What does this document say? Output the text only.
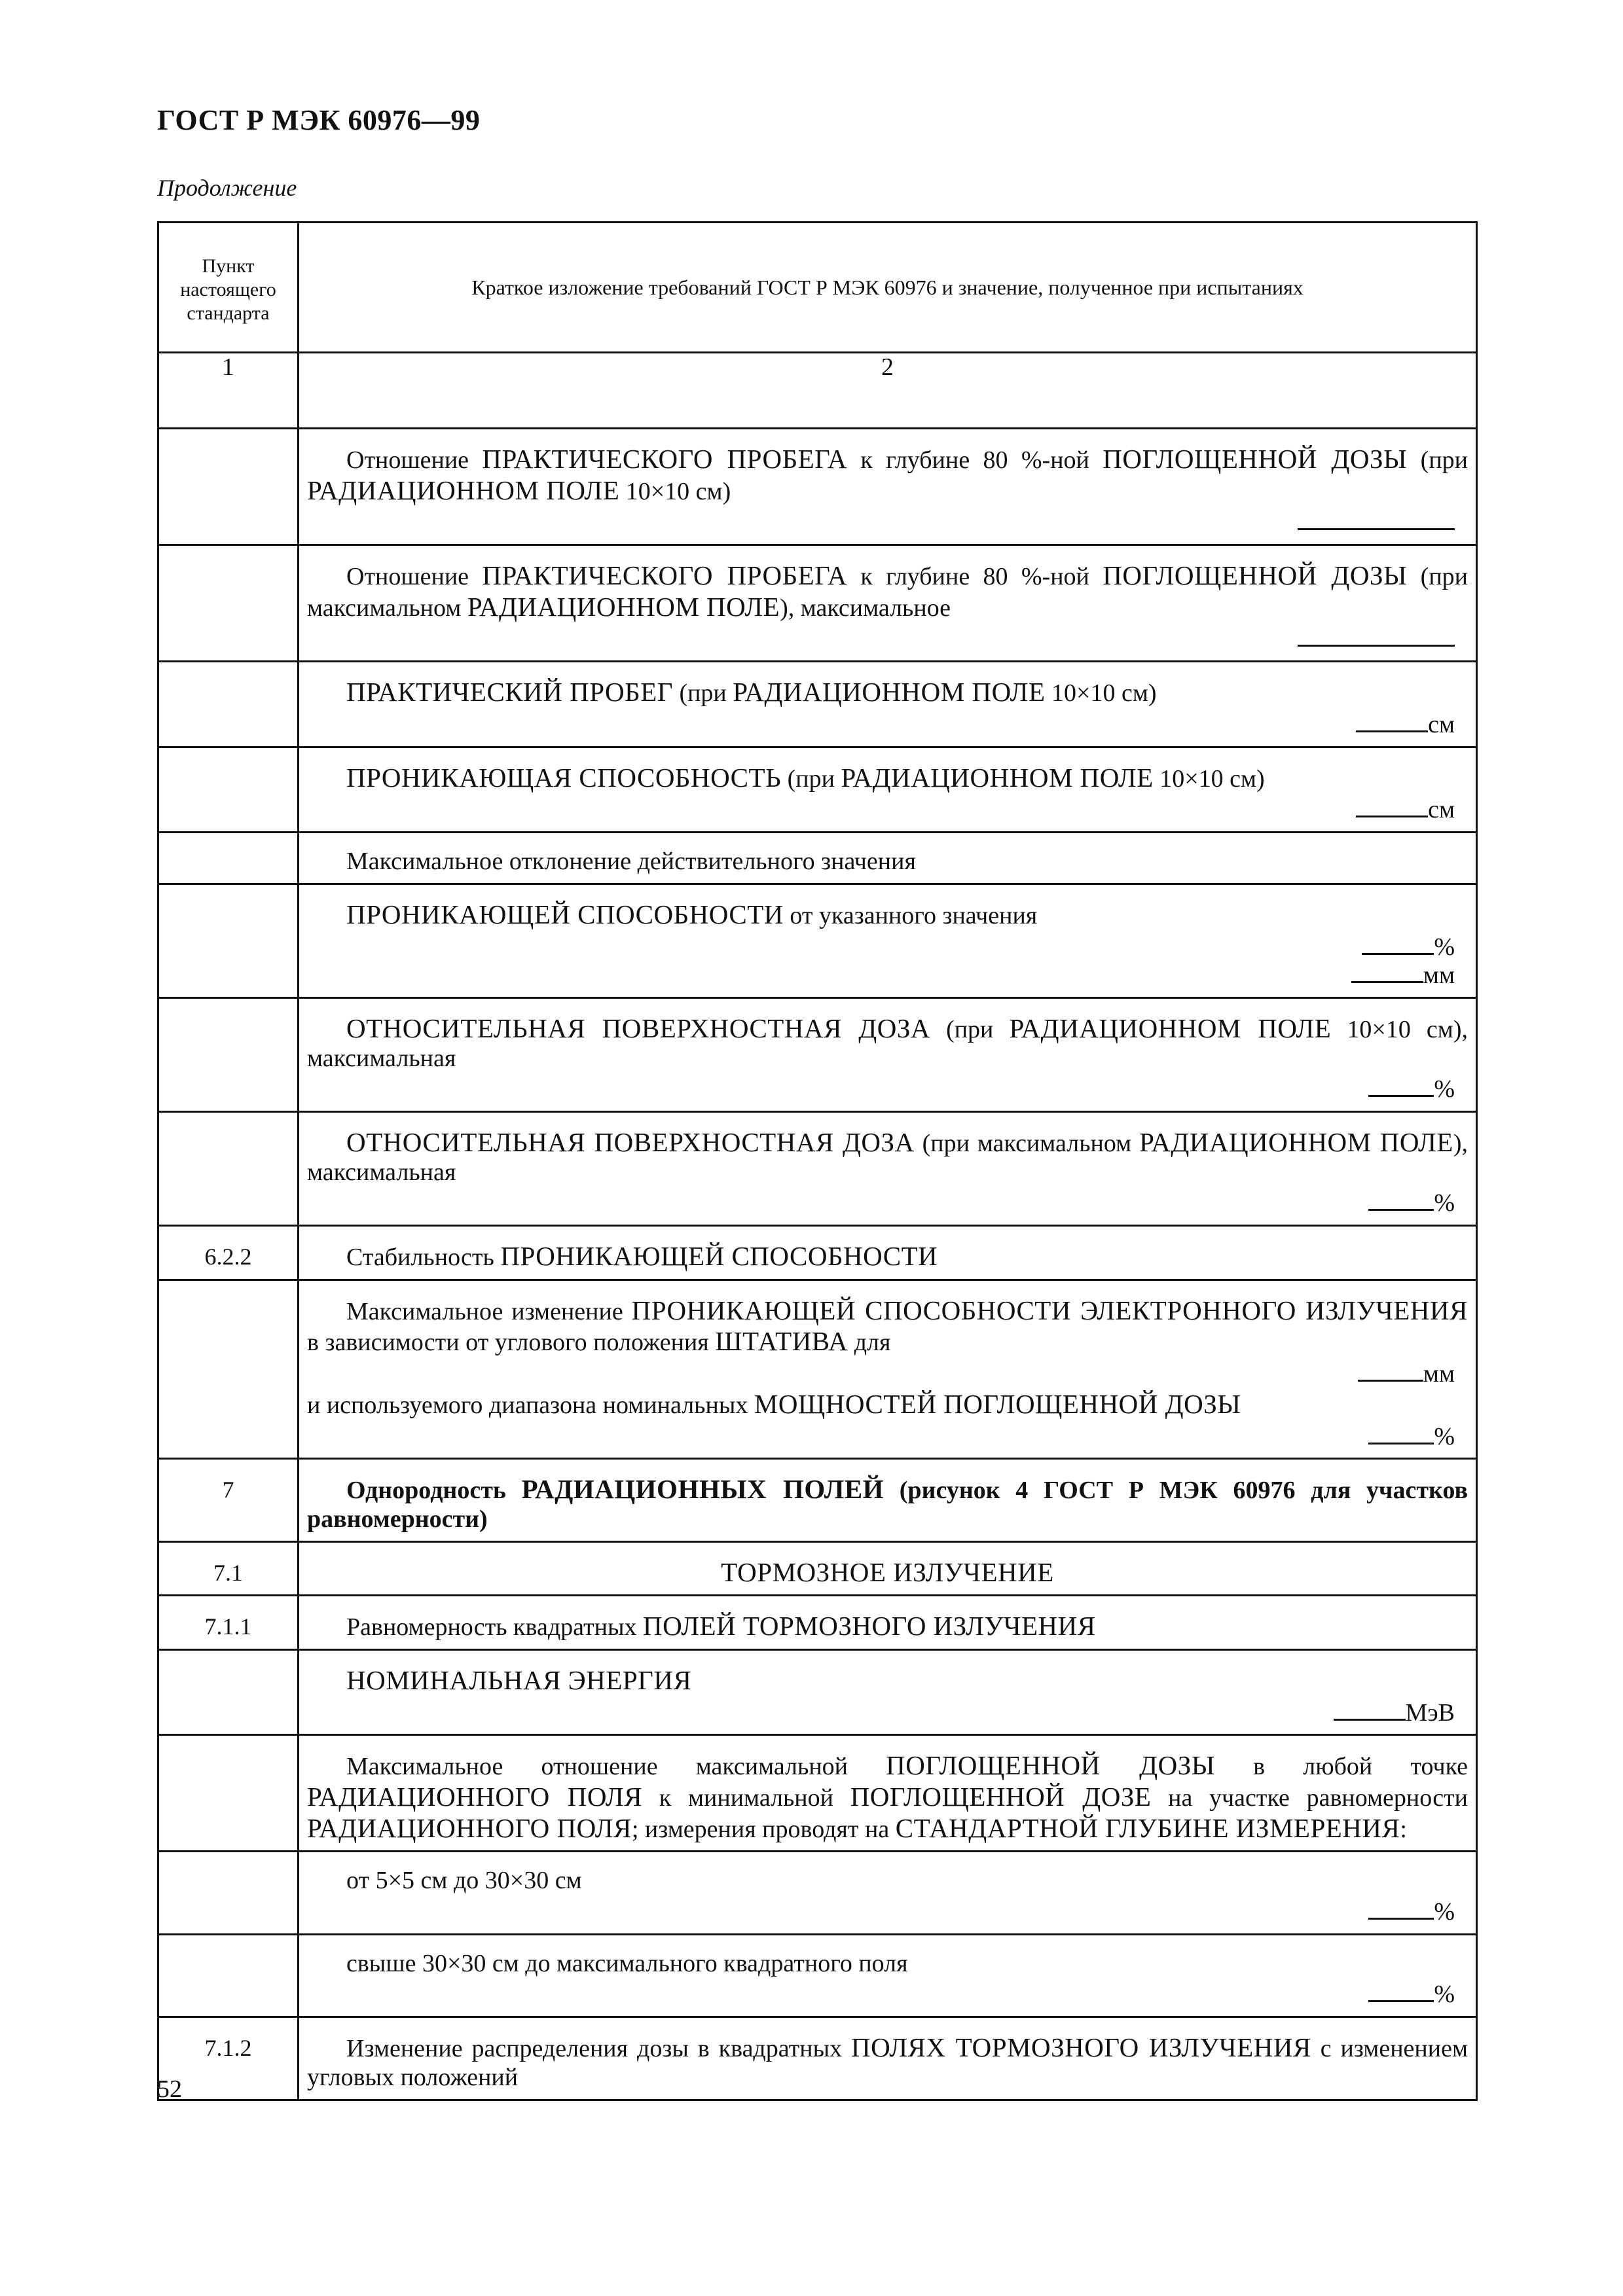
ГОСТ Р МЭК 60976—99
Продолжение
Пункт настоящего стандарта	Краткое изложение требований ГОСТ Р МЭК 60976 и значение, полученное при испытаниях
1	2

	Отношение ПРАКТИЧЕСКОГО ПРОБЕГА к глубине 80 %-ной ПОГЛОЩЕННОЙ ДОЗЫ (при РАДИАЦИОННОМ ПОЛЕ 10×10 см)

	Отношение ПРАКТИЧЕСКОГО ПРОБЕГА к глубине 80 %-ной ПОГЛОЩЕННОЙ ДОЗЫ (при максимальном РАДИАЦИОННОМ ПОЛЕ), максимальное

	ПРАКТИЧЕСКИЙ ПРОБЕГ (при РАДИАЦИОННОМ ПОЛЕ 10×10 см)

см

	ПРОНИКАЮЩАЯ СПОСОБНОСТЬ (при РАДИАЦИОННОМ ПОЛЕ 10×10 см)

см

	Максимальное отклонение действительного значения

	ПРОНИКАЮЩЕЙ СПОСОБНОСТИ от указанного значения

%
мм

	ОТНОСИТЕЛЬНАЯ ПОВЕРХНОСТНАЯ ДОЗА (при РАДИАЦИОННОМ ПОЛЕ 10×10 см), максимальная

%

	ОТНОСИТЕЛЬНАЯ ПОВЕРХНОСТНАЯ ДОЗА (при максимальном РАДИАЦИОННОМ ПОЛЕ), максимальная

%

6.2.2	Стабильность ПРОНИКАЮЩЕЙ СПОСОБНОСТИ

	Максимальное изменение ПРОНИКАЮЩЕЙ СПОСОБНОСТИ ЭЛЕКТРОННОГО ИЗЛУЧЕНИЯ в зависимости от углового положения ШТАТИВА для

мм

и используемого диапазона номинальных МОЩНОСТЕЙ ПОГЛОЩЕННОЙ ДОЗЫ

%

7	Однородность РАДИАЦИОННЫХ ПОЛЕЙ (рисунок 4 ГОСТ Р МЭК 60976 для участков равномерности)

7.1	ТОРМОЗНОЕ ИЗЛУЧЕНИЕ

7.1.1	Равномерность квадратных ПОЛЕЙ ТОРМОЗНОГО ИЗЛУЧЕНИЯ

	НОМИНАЛЬНАЯ ЭНЕРГИЯ

МэВ

	Максимальное отношение максимальной ПОГЛОЩЕННОЙ ДОЗЫ в любой точке РАДИАЦИОННОГО ПОЛЯ к минимальной ПОГЛОЩЕННОЙ ДОЗЕ на участке равномерности РАДИАЦИОННОГО ПОЛЯ; измерения проводят на СТАНДАРТНОЙ ГЛУБИНЕ ИЗМЕРЕНИЯ:

	от 5×5 см до 30×30 см

%

	свыше 30×30 см до максимального квадратного поля

%

7.1.2	Изменение распределения дозы в квадратных ПОЛЯХ ТОРМОЗНОГО ИЗЛУЧЕНИЯ с изменением угловых положений

52
